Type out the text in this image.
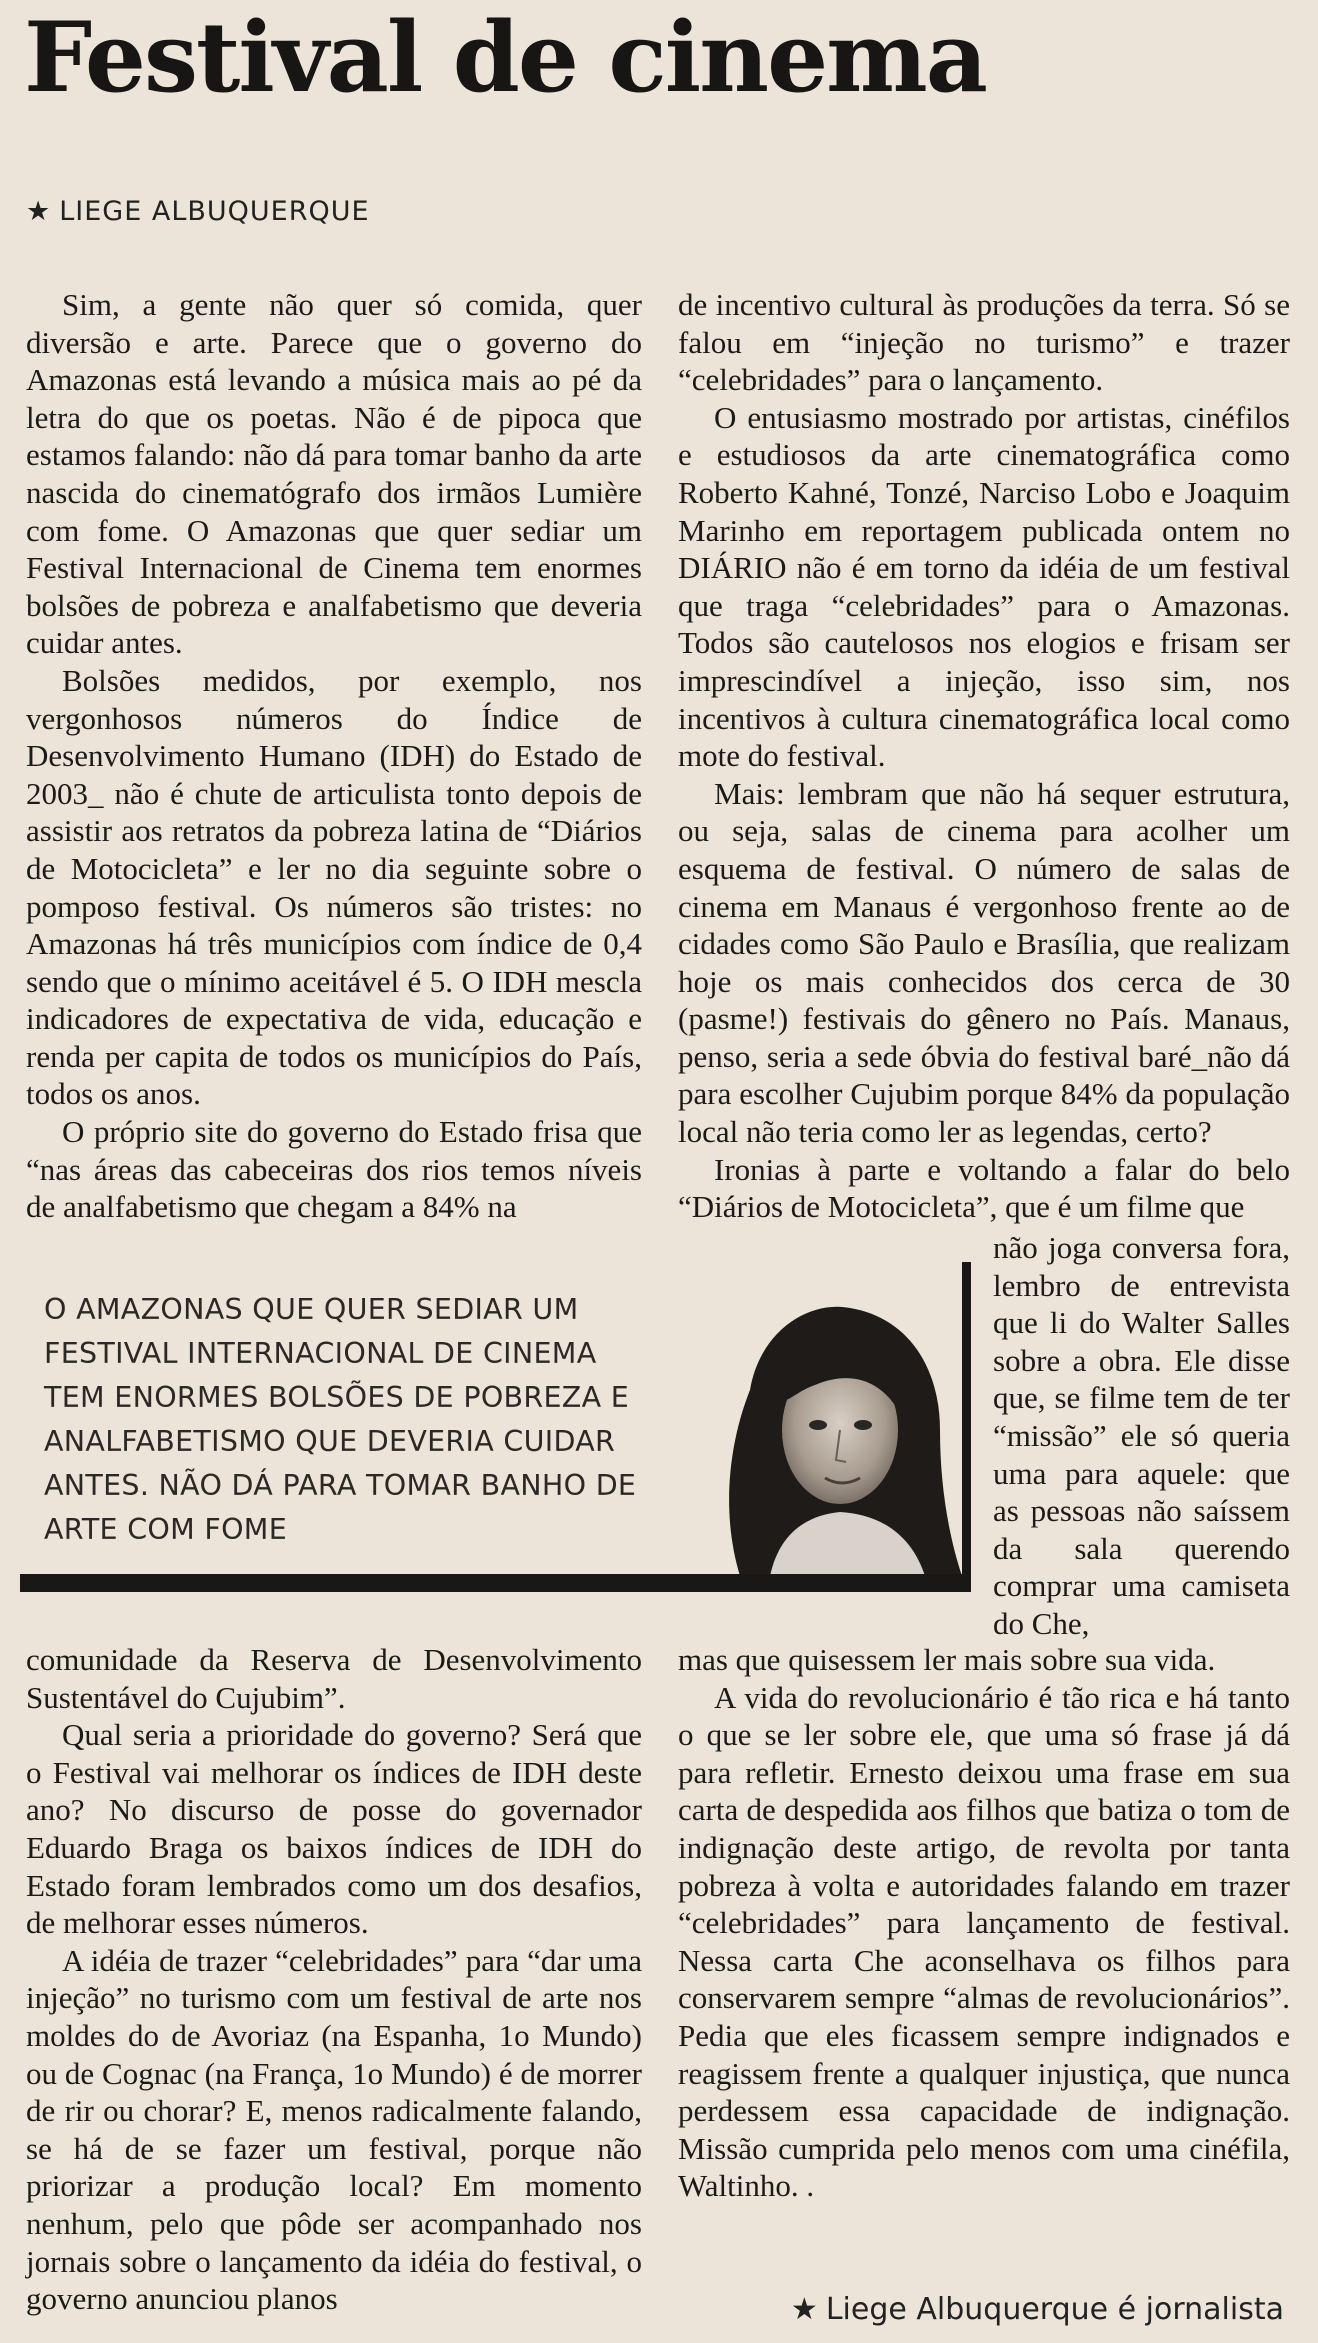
Festival de cinema
★ LIEGE ALBUQUERQUE

Sim, a gente não quer só comida, quer diversão e arte. Parece que o governo do Amazonas está levando a música mais ao pé da letra do que os poetas. Não é de pipoca que estamos falando: não dá para tomar banho da arte nascida do cinematógrafo dos irmãos Lumière com fome. O Amazonas que quer sediar um Festival Internacional de Cinema tem enormes bolsões de pobreza e analfabetismo que deveria cuidar antes.

Bolsões medidos, por exemplo, nos vergonhosos números do Índice de Desenvolvimento Humano (IDH) do Estado de 2003_ não é chute de articulista tonto depois de assistir aos retratos da pobreza latina de “Diários de Motocicleta” e ler no dia seguinte sobre o pomposo festival. Os números são tristes: no Amazonas há três municípios com índice de 0,4 sendo que o mínimo aceitável é 5. O IDH mescla indicadores de expectativa de vida, educação e renda per capita de todos os municípios do País, todos os anos.

O próprio site do governo do Estado frisa que “nas áreas das cabeceiras dos rios temos níveis de analfabetismo que chegam a 84% na

de incentivo cultural às produções da terra. Só se falou em “injeção no turismo” e trazer “celebridades” para o lançamento.

O entusiasmo mostrado por artistas, cinéfilos e estudiosos da arte cinematográfica como Roberto Kahné, Tonzé, Narciso Lobo e Joaquim Marinho em reportagem publicada ontem no DIÁRIO não é em torno da idéia de um festival que traga “celebridades” para o Amazonas. Todos são cautelosos nos elogios e frisam ser imprescindível a injeção, isso sim, nos incentivos à cultura cinematográfica local como mote do festival.

Mais: lembram que não há sequer estrutura, ou seja, salas de cinema para acolher um esquema de festival. O número de salas de cinema em Manaus é vergonhoso frente ao de cidades como São Paulo e Brasília, que realizam hoje os mais conhecidos dos cerca de 30 (pasme!) festivais do gênero no País. Manaus, penso, seria a sede óbvia do festival baré_não dá para escolher Cujubim porque 84% da população local não teria como ler as legendas, certo?

Ironias à parte e voltando a falar do belo “Diários de Motocicleta”, que é um filme que

não joga conversa fora, lembro de entrevista que li do Walter Salles sobre a obra. Ele disse que, se filme tem de ter “missão” ele só queria uma para aquele: que as pessoas não saíssem da sala querendo comprar uma camiseta do Che,

O AMAZONAS QUE QUER SEDIAR UM FESTIVAL INTERNACIONAL DE CINEMA TEM ENORMES BOLSÕES DE POBREZA E ANALFABETISMO QUE DEVERIA CUIDAR ANTES. NÃO DÁ PARA TOMAR BANHO DE ARTE COM FOME

comunidade da Reserva de Desenvolvimento Sustentável do Cujubim”.

Qual seria a prioridade do governo? Será que o Festival vai melhorar os índices de IDH deste ano? No discurso de posse do governador Eduardo Braga os baixos índices de IDH do Estado foram lembrados como um dos desafios, de melhorar esses números.

A idéia de trazer “celebridades” para “dar uma injeção” no turismo com um festival de arte nos moldes do de Avoriaz (na Espanha, 1o Mundo) ou de Cognac (na França, 1o Mundo) é de morrer de rir ou chorar? E, menos radicalmente falando, se há de se fazer um festival, porque não priorizar a produção local? Em momento nenhum, pelo que pôde ser acompanhado nos jornais sobre o lançamento da idéia do festival, o governo anunciou planos

mas que quisessem ler mais sobre sua vida.

A vida do revolucionário é tão rica e há tanto o que se ler sobre ele, que uma só frase já dá para refletir. Ernesto deixou uma frase em sua carta de despedida aos filhos que batiza o tom de indignação deste artigo, de revolta por tanta pobreza à volta e autoridades falando em trazer “celebridades” para lançamento de festival. Nessa carta Che aconselhava os filhos para conservarem sempre “almas de revolucionários”. Pedia que eles ficassem sempre indignados e reagissem frente a qualquer injustiça, que nunca perdessem essa capacidade de indignação. Missão cumprida pelo menos com uma cinéfila, Waltinho. .

★ Liege Albuquerque é jornalista
